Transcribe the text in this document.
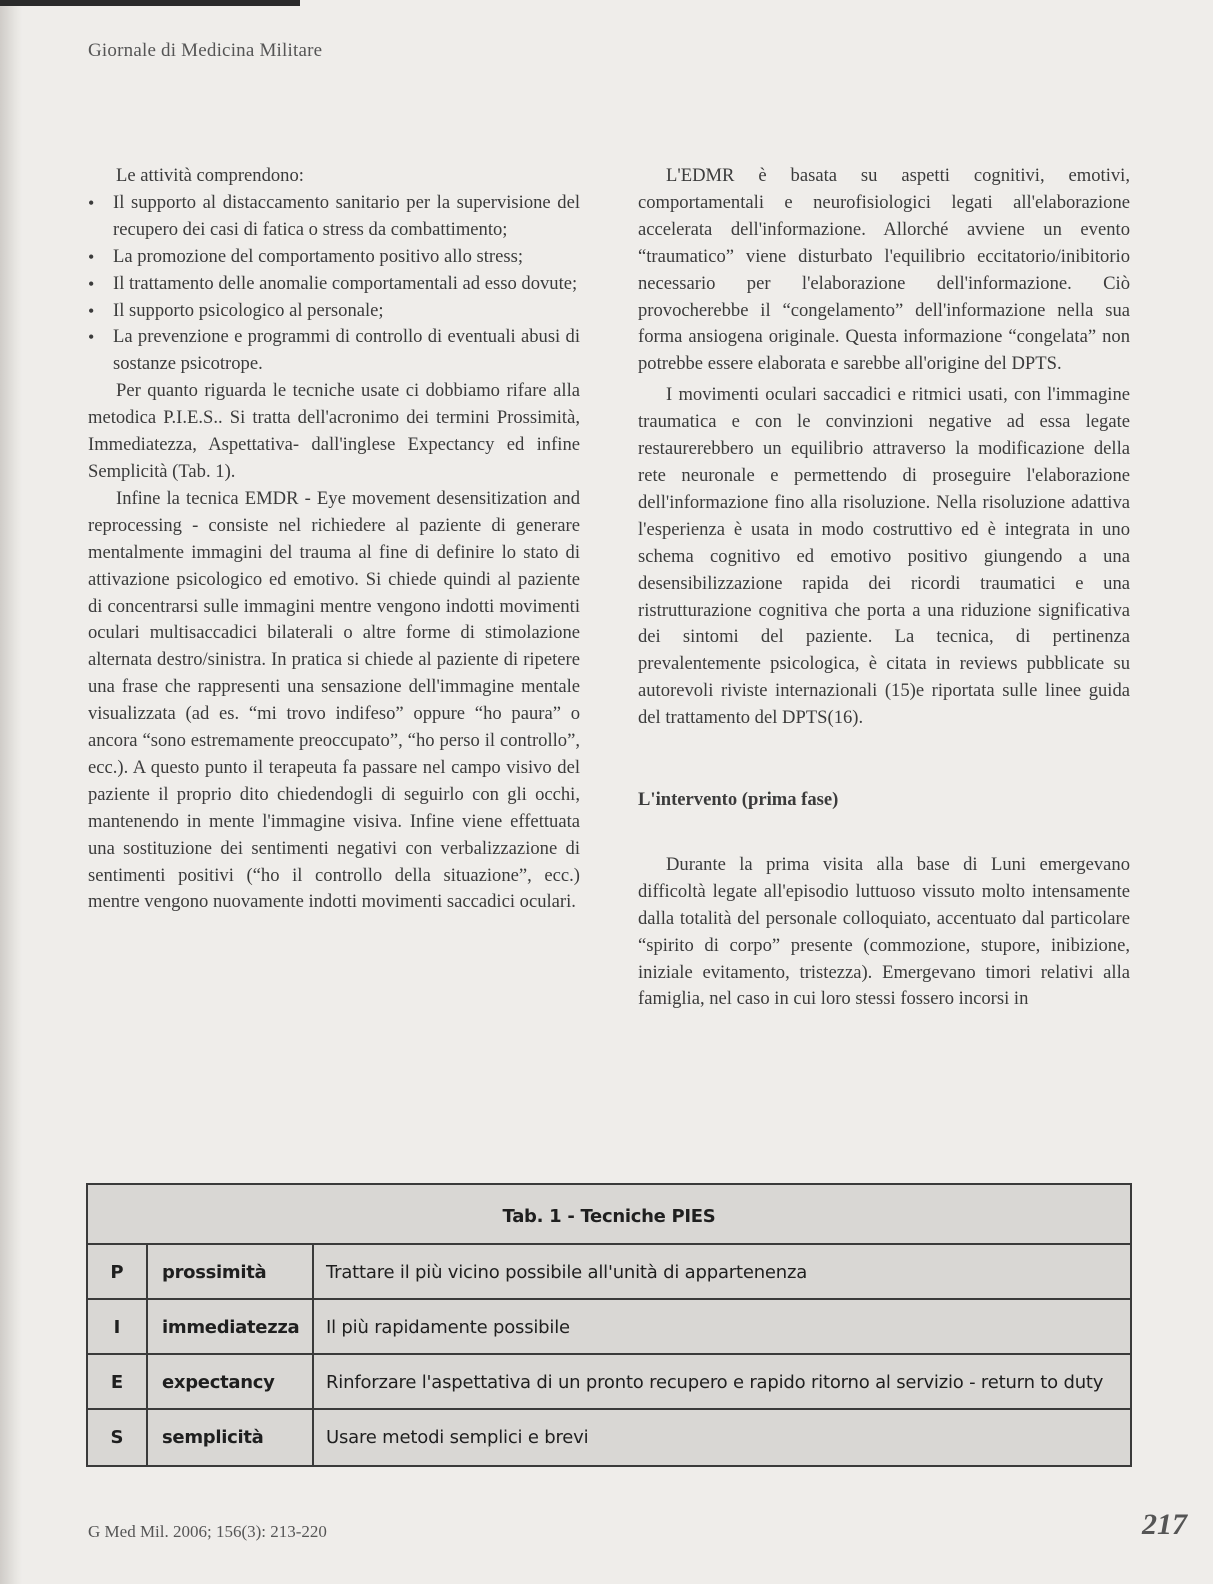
Giornale di Medicina Militare

Le attività comprendono:

• Il supporto al distaccamento sanitario per la supervisione del recupero dei casi di fatica o stress da combattimento;
• La promozione del comportamento positivo allo stress;
• Il trattamento delle anomalie comportamentali ad esso dovute;
• Il supporto psicologico al personale;
• La prevenzione e programmi di controllo di eventuali abusi di sostanze psicotrope.

Per quanto riguarda le tecniche usate ci dobbiamo rifare alla metodica P.I.E.S.. Si tratta dell'acronimo dei termini Prossimità, Immediatezza, Aspettativa- dall'inglese Expectancy ed infine Semplicità (Tab. 1).

Infine la tecnica EMDR - Eye movement desensitization and reprocessing - consiste nel richiedere al paziente di generare mentalmente immagini del trauma al fine di definire lo stato di attivazione psicologico ed emotivo. Si chiede quindi al paziente di concentrarsi sulle immagini mentre vengono indotti movimenti oculari multisaccadici bilaterali o altre forme di stimolazione alternata destro/sinistra. In pratica si chiede al paziente di ripetere una frase che rappresenti una sensazione dell'immagine mentale visualizzata (ad es. “mi trovo indifeso” oppure “ho paura” o ancora “sono estremamente preoccupato”, “ho perso il controllo”, ecc.). A questo punto il terapeuta fa passare nel campo visivo del paziente il proprio dito chiedendogli di seguirlo con gli occhi, mantenendo in mente l'immagine visiva. Infine viene effettuata una sostituzione dei sentimenti negativi con verbalizzazione di sentimenti positivi (“ho il controllo della situazione”, ecc.) mentre vengono nuovamente indotti movimenti saccadici oculari.

L'EDMR è basata su aspetti cognitivi, emotivi, comportamentali e neurofisiologici legati all'elaborazione accelerata dell'informazione. Allorché avviene un evento “traumatico” viene disturbato l'equilibrio eccitatorio/inibitorio necessario per l'elaborazione dell'informazione. Ciò provocherebbe il “congelamento” dell'informazione nella sua forma ansiogena originale. Questa informazione “congelata” non potrebbe essere elaborata e sarebbe all'origine del DPTS.

I movimenti oculari saccadici e ritmici usati, con l'immagine traumatica e con le convinzioni negative ad essa legate restaurerebbero un equilibrio attraverso la modificazione della rete neuronale e permettendo di proseguire l'elaborazione dell'informazione fino alla risoluzione. Nella risoluzione adattiva l'esperienza è usata in modo costruttivo ed è integrata in uno schema cognitivo ed emotivo positivo giungendo a una desensibilizzazione rapida dei ricordi traumatici e una ristrutturazione cognitiva che porta a una riduzione significativa dei sintomi del paziente. La tecnica, di pertinenza prevalentemente psicologica, è citata in reviews pubblicate su autorevoli riviste internazionali (15)e riportata sulle linee guida del trattamento del DPTS(16).

L'intervento (prima fase)

Durante la prima visita alla base di Luni emergevano difficoltà legate all'episodio luttuoso vissuto molto intensamente dalla totalità del personale colloquiato, accentuato dal particolare “spirito di corpo” presente (commozione, stupore, inibizione, iniziale evitamento, tristezza). Emergevano timori relativi alla famiglia, nel caso in cui loro stessi fossero incorsi in

Tab. 1 - Tecniche PIES
P	prossimità	Trattare il più vicino possibile all'unità di appartenenza
I	immediatezza	Il più rapidamente possibile
E	expectancy	Rinforzare l'aspettativa di un pronto recupero e rapido ritorno al servizio - return to duty
S	semplicità	Usare metodi semplici e brevi
G Med Mil. 2006; 156(3): 213-220	217
